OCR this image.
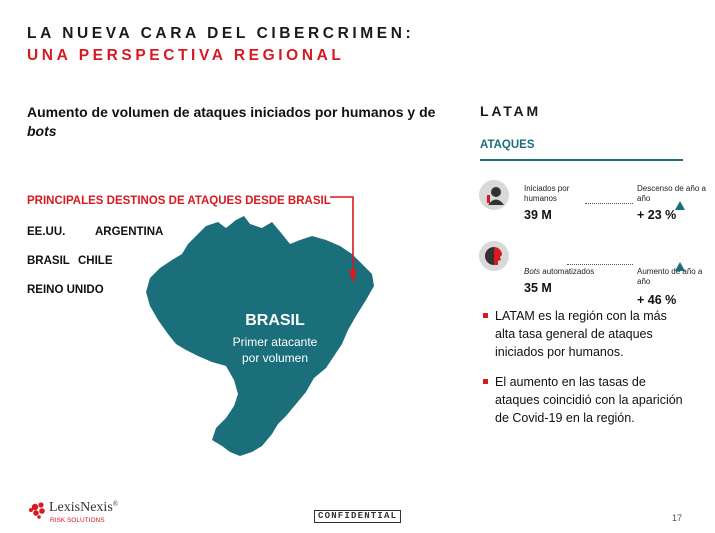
LA NUEVA CARA DEL CIBERCRIMEN:
UNA PERSPECTIVA REGIONAL
Aumento de volumen de ataques iniciados por humanos y de bots
PRINCIPALES DESTINOS DE ATAQUES DESDE BRASIL
EE.UU.	ARGENTINA
BRASIL CHILE
REINO UNIDO
BRASIL
Primer atacante
por volumen
LATAM
ATAQUES
Iniciados por humanos
39 M
Descenso de año a año
+ 23 %
Bots automatizados
35 M
Aumento de año a año
+ 46 %
LATAM es la región con la más alta tasa general de ataques iniciados por humanos.
El aumento en las tasas de ataques coincidió con la aparición de Covid-19 en la región.
LexisNexis®
RISK SOLUTIONS	CONFIDENTIAL	17
